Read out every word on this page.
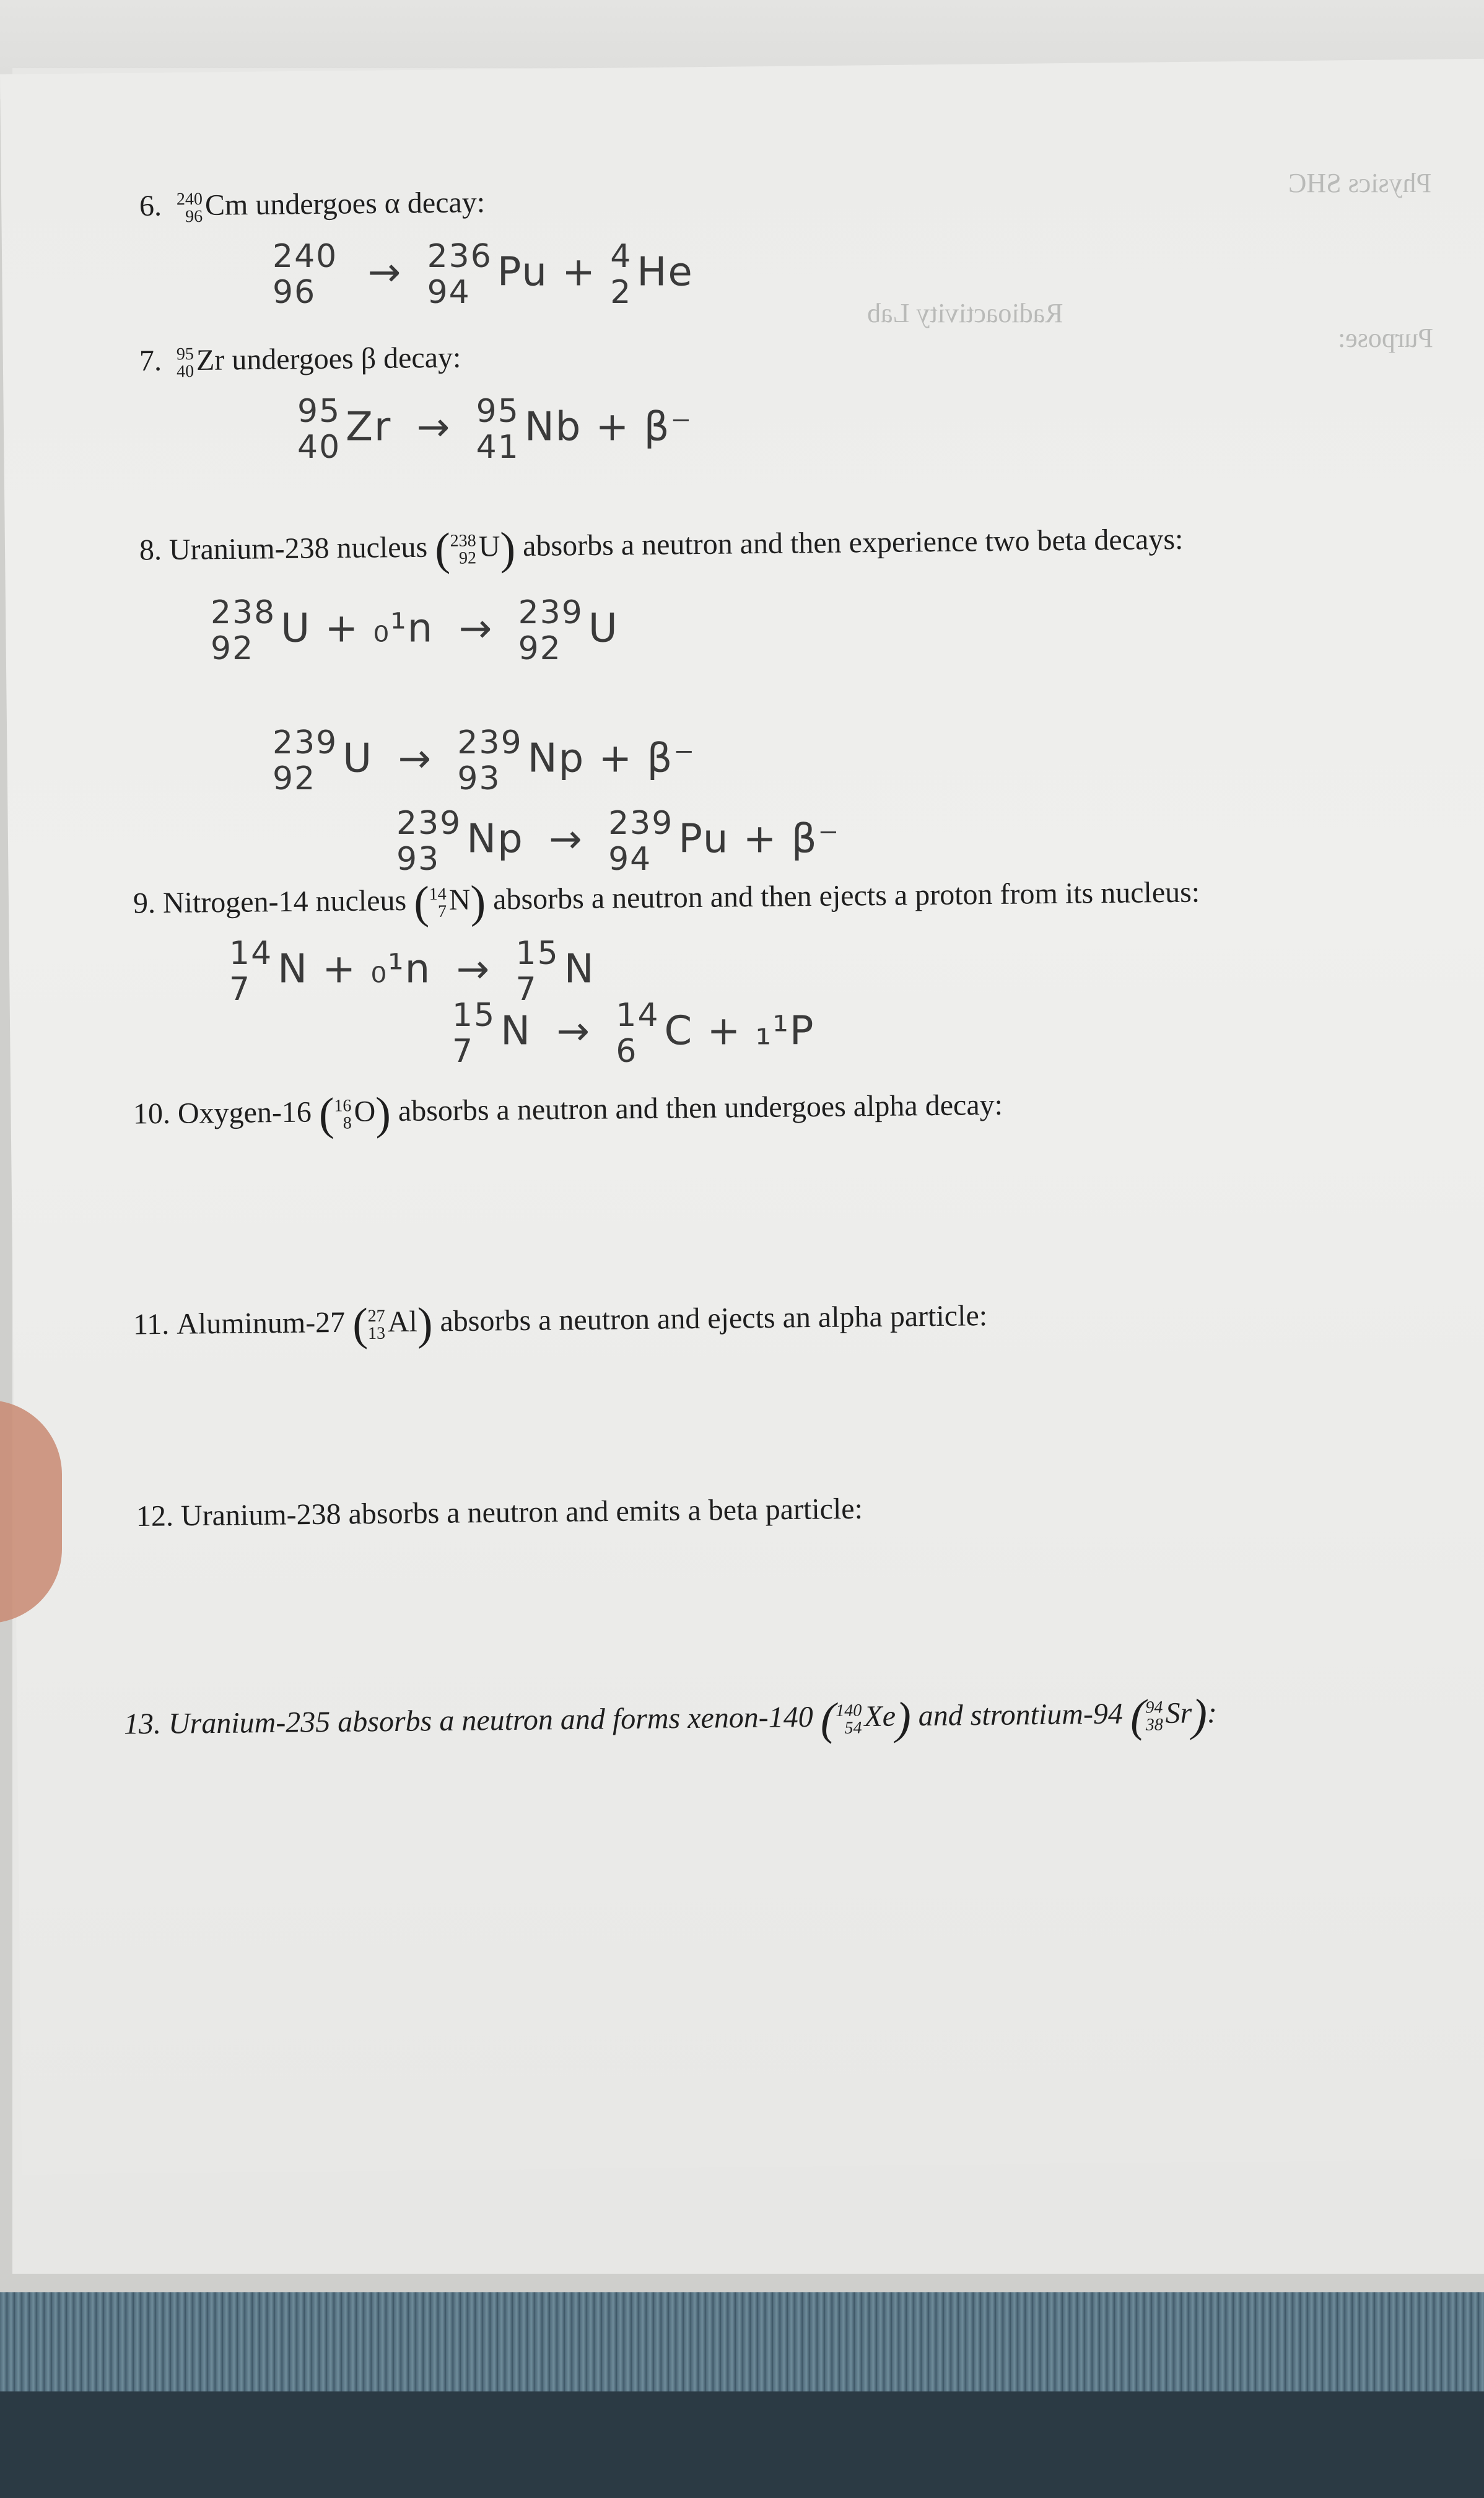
Physics SHC
Radioactivity Lab
Purpose:
6. 240
96 Cm undergoes α decay:
240
96	→ 236
94 Pu + 4
2 He
7. 95
40 Zr undergoes β decay:
95
40 Zr → 95
41 Nb + β⁻
8. Uranium-238 nucleus ( 238
92 U) absorbs a neutron and then experience two beta decays:
238
92 U + ₀¹n → 239
92 U
239
92 U → 239
93 Np + β⁻
239
93 Np → 239
94 Pu + β⁻
9. Nitrogen-14 nucleus ( 14
7 N) absorbs a neutron and then ejects a proton from its nucleus:
14
7 N + ₀¹n → 15
7 N
15
7 N → 14
6 C + ₁¹P
10. Oxygen-16 ( 16
8 O) absorbs a neutron and then undergoes alpha decay:
11. Aluminum-27 ( 27
13 Al) absorbs a neutron and ejects an alpha particle:
12. Uranium-238 absorbs a neutron and emits a beta particle:
13. Uranium-235 absorbs a neutron and forms xenon-140 ( 140
54 Xe) and strontium-94 ( 94
38 Sr):
